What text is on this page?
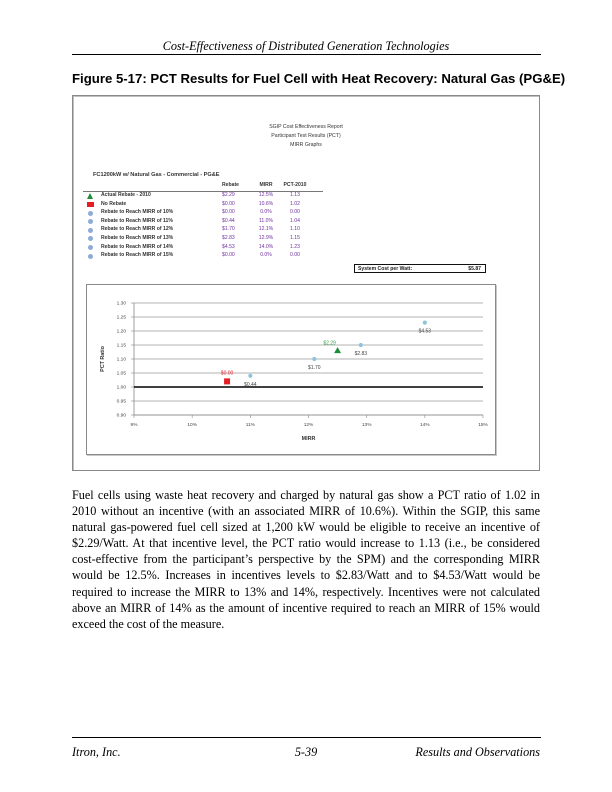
Cost-Effectiveness of Distributed Generation Technologies
Figure 5-17: PCT Results for Fuel Cell with Heat Recovery: Natural Gas (PG&E)
SGIP Cost Effectiveness Report
Participant Test Results (PCT)
MIRR Graphs
FC1200kW w/ Natural Gas - Commercial - PG&E
Rebate	MIRR	PCT-2010
Actual Rebate - 2010	$2.29	12.5%	1.13
No Rebate	$0.00	10.6%	1.02
Rebate to Reach MIRR of 10%	$0.00	0.0%	0.00
Rebate to Reach MIRR of 11%	$0.44	11.0%	1.04
Rebate to Reach MIRR of 12%	$1.70	12.1%	1.10
Rebate to Reach MIRR of 13%	$2.83	12.9%	1.15
Rebate to Reach MIRR of 14%	$4.53	14.0%	1.23
Rebate to Reach MIRR of 15%	$0.00	0.0%	0.00
System Cost per Watt:	$5.87
0.90
0.95
1.00
1.05
1.10
1.15
1.20
1.25
1.30
9%	10%	11%	12%	13%	14%	15%
MIRR
PCT Ratio
$2.29
$0.00
$0.44
$1.70
$2.83
$4.53
Fuel cells using waste heat recovery and charged by natural gas show a PCT ratio of 1.02 in 2010 without an incentive (with an associated MIRR of 10.6%). Within the SGIP, this same natural gas-powered fuel cell sized at 1,200 kW would be eligible to receive an incentive of $2.29/Watt. At that incentive level, the PCT ratio would increase to 1.13 (i.e., be considered cost-effective from the participant’s perspective by the SPM) and the corresponding MIRR would be 12.5%. Increases in incentives levels to $2.83/Watt and to $4.53/Watt would be required to increase the MIRR to 13% and 14%, respectively. Incentives were not calculated above an MIRR of 14% as the amount of incentive required to reach an MIRR of 15% would exceed the cost of the measure.
Itron, Inc.	5-39	Results and Observations
